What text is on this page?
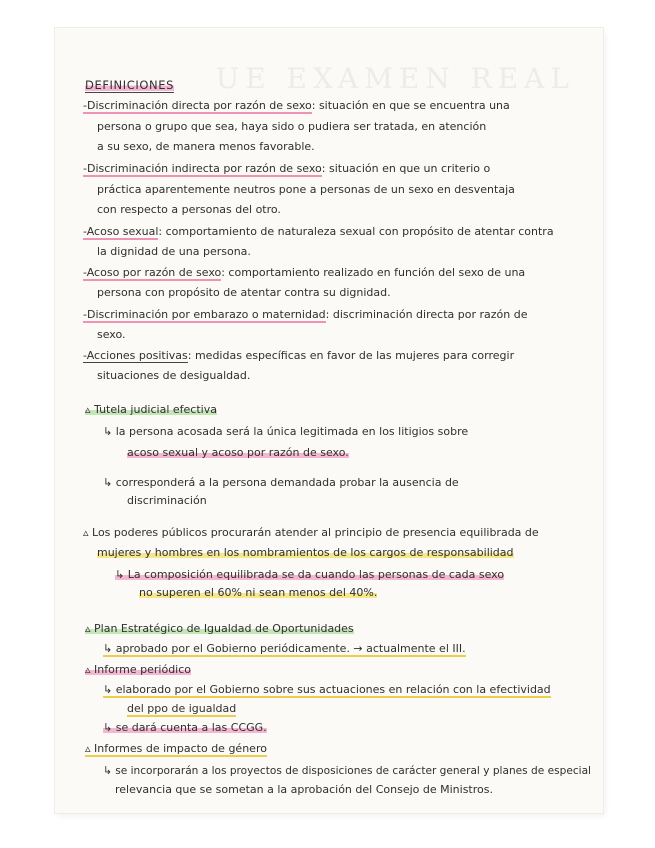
UE EXAMEN REAL
DEFINICIONES
-Discriminación directa por razón de sexo: situación en que se encuentra una
persona o grupo que sea, haya sido o pudiera ser tratada, en atención
a su sexo, de manera menos favorable.
-Discriminación indirecta por razón de sexo: situación en que un criterio o
práctica aparentemente neutros pone a personas de un sexo en desventaja
con respecto a personas del otro.
-Acoso sexual: comportamiento de naturaleza sexual con propósito de atentar contra
la dignidad de una persona.
-Acoso por razón de sexo: comportamiento realizado en función del sexo de una
persona con propósito de atentar contra su dignidad.
-Discriminación por embarazo o maternidad: discriminación directa por razón de
sexo.
-Acciones positivas: medidas específicas en favor de las mujeres para corregir
situaciones de desigualdad.
▵ Tutela judicial efectiva
↳ la persona acosada será la única legitimada en los litigios sobre
acoso sexual y acoso por razón de sexo.
↳ corresponderá a la persona demandada probar la ausencia de
discriminación
▵ Los poderes públicos procurarán atender al principio de presencia equilibrada de
mujeres y hombres en los nombramientos de los cargos de responsabilidad
↳ La composición equilibrada se da cuando las personas de cada sexo
no superen el 60% ni sean menos del 40%.
▵ Plan Estratégico de Igualdad de Oportunidades
↳ aprobado por el Gobierno periódicamente. → actualmente el III.
▵ Informe periódico
↳ elaborado por el Gobierno sobre sus actuaciones en relación con la efectividad
del ppo de igualdad
↳ se dará cuenta a las CCGG.
▵ Informes de impacto de género
↳ se incorporarán a los proyectos de disposiciones de carácter general y planes de especial
relevancia que se sometan a la aprobación del Consejo de Ministros.
